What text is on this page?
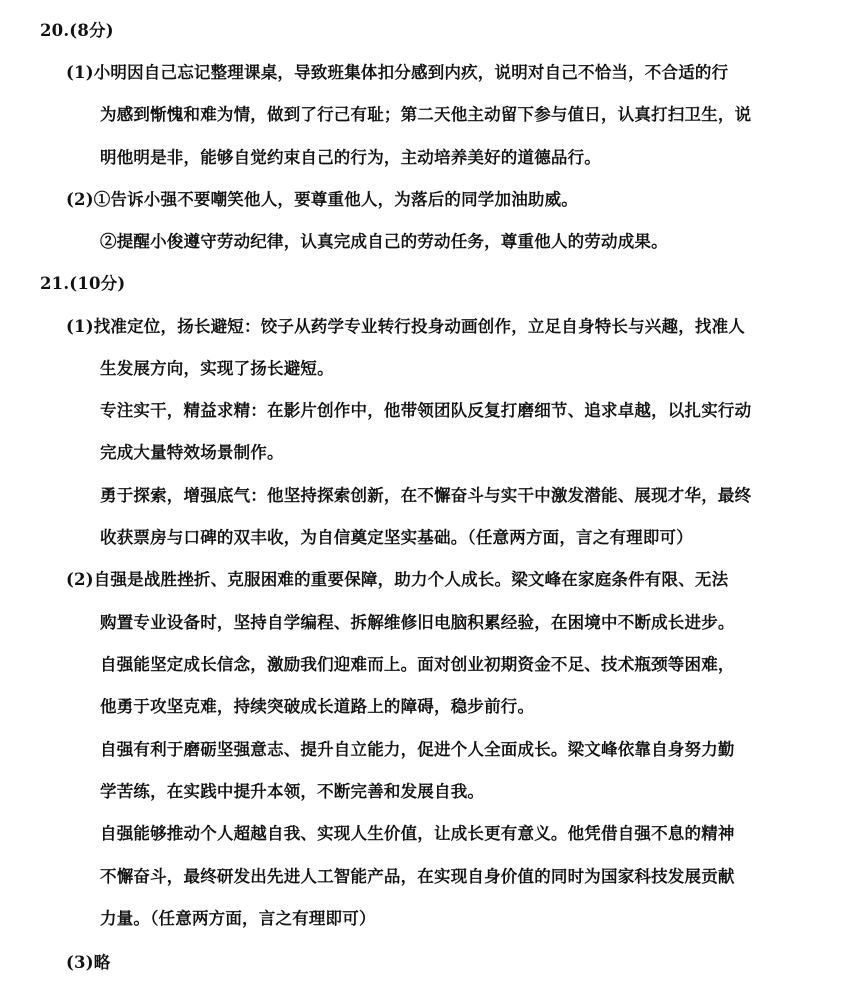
20.(8分)
(1)小明因自己忘记整理课桌，导致班集体扣分感到内疚，说明对自己不恰当，不合适的行
为感到惭愧和难为情，做到了行己有耻；第二天他主动留下参与值日，认真打扫卫生，说
明他明是非，能够自觉约束自己的行为，主动培养美好的道德品行。
(2)①告诉小强不要嘲笑他人，要尊重他人，为落后的同学加油助威。
②提醒小俊遵守劳动纪律，认真完成自己的劳动任务，尊重他人的劳动成果。
21.(10分)
(1)找准定位，扬长避短：饺子从药学专业转行投身动画创作，立足自身特长与兴趣，找准人
生发展方向，实现了扬长避短。
专注实干，精益求精：在影片创作中，他带领团队反复打磨细节、追求卓越，以扎实行动
完成大量特效场景制作。
勇于探索，增强底气：他坚持探索创新，在不懈奋斗与实干中激发潜能、展现才华，最终
收获票房与口碑的双丰收，为自信奠定坚实基础。（任意两方面，言之有理即可）
(2)自强是战胜挫折、克服困难的重要保障，助力个人成长。梁文峰在家庭条件有限、无法
购置专业设备时，坚持自学编程、拆解维修旧电脑积累经验，在困境中不断成长进步。
自强能坚定成长信念，激励我们迎难而上。面对创业初期资金不足、技术瓶颈等困难，
他勇于攻坚克难，持续突破成长道路上的障碍，稳步前行。
自强有利于磨砺坚强意志、提升自立能力，促进个人全面成长。梁文峰依靠自身努力勤
学苦练，在实践中提升本领，不断完善和发展自我。
自强能够推动个人超越自我、实现人生价值，让成长更有意义。他凭借自强不息的精神
不懈奋斗，最终研发出先进人工智能产品，在实现自身价值的同时为国家科技发展贡献
力量。（任意两方面，言之有理即可）
(3)略
